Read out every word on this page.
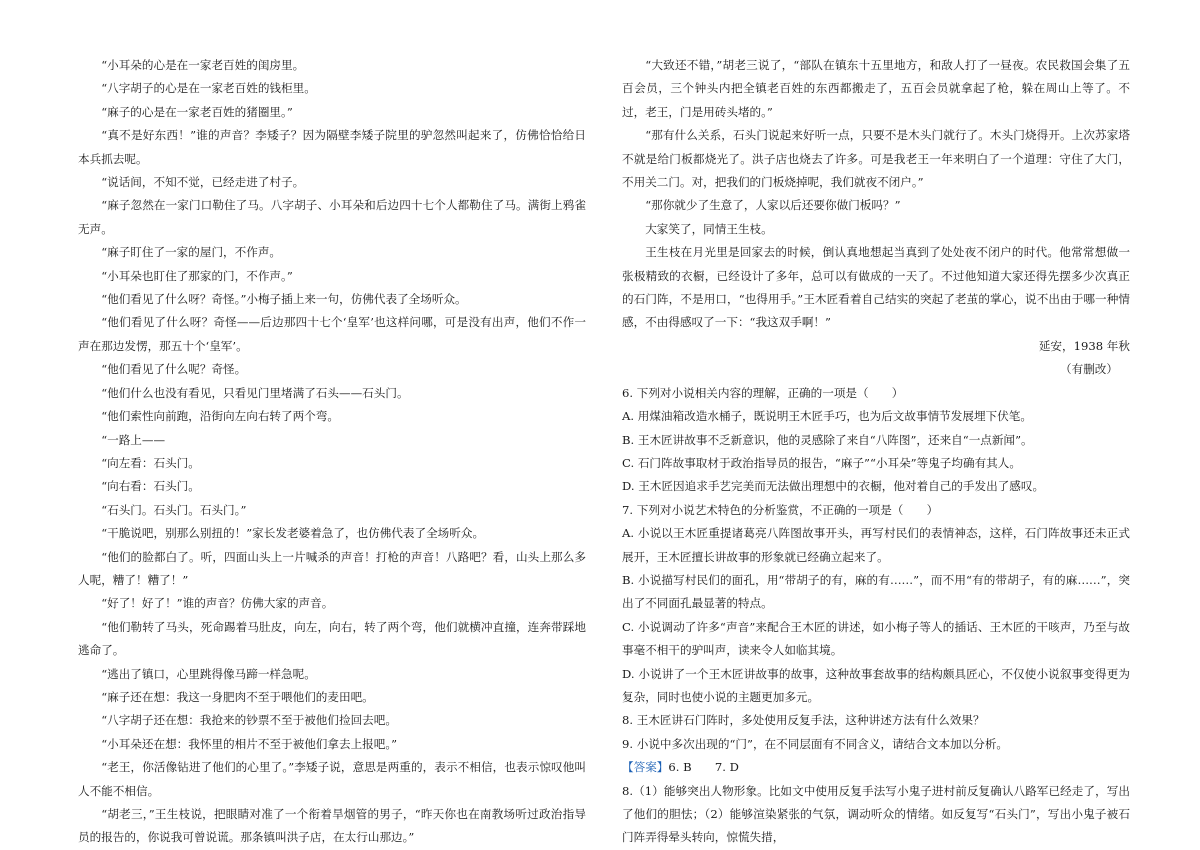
“小耳朵的心是在一家老百姓的闺房里。

“八字胡子的心是在一家老百姓的钱柜里。

“麻子的心是在一家老百姓的猪圈里。”

“真不是好东西！”谁的声音？李矮子？因为隔壁李矮子院里的驴忽然叫起来了，仿佛恰恰给日本兵抓去呢。

“说话间，不知不觉，已经走进了村子。

“麻子忽然在一家门口勒住了马。八字胡子、小耳朵和后边四十七个人都勒住了马。满街上鸦雀无声。

“麻子盯住了一家的屋门，不作声。

“小耳朵也盯住了那家的门，不作声。”

“他们看见了什么呀？奇怪。”小梅子插上来一句，仿佛代表了全场听众。

“他们看见了什么呀？奇怪——后边那四十七个‘皇军’也这样问哪，可是没有出声，他们不作一声在那边发愣，那五十个‘皇军’。

“他们看见了什么呢？奇怪。

“他们什么也没有看见，只看见门里堵满了石头——石头门。

“他们索性向前跑，沿街向左向右转了两个弯。

“一路上——

“向左看：石头门。

“向右看：石头门。

“石头门。石头门。石头门。”

“干脆说吧，别那么别扭的！”家长发老婆着急了，也仿佛代表了全场听众。

“他们的脸都白了。听，四面山头上一片喊杀的声音！打枪的声音！八路吧？看，山头上那么多人呢，糟了！糟了！”

“好了！好了！”谁的声音？仿佛大家的声音。

“他们勒转了马头，死命踢着马肚皮，向左，向右，转了两个弯，他们就横冲直撞，连奔带踩地逃命了。

“逃出了镇口，心里跳得像马蹄一样急呢。

“麻子还在想：我这一身肥肉不至于喂他们的麦田吧。

“八字胡子还在想：我抢来的钞票不至于被他们捡回去吧。

“小耳朵还在想：我怀里的相片不至于被他们拿去上报吧。”

“老王，你活像钻进了他们的心里了。”李矮子说，意思是两重的，表示不相信，也表示惊叹他叫人不能不相信。

“胡老三，”王生枝说，把眼睛对准了一个衔着旱烟管的男子，“昨天你也在南教场听过政治指导员的报告的，你说我可曾说谎。那条镇叫洪子店，在太行山那边。”

“大致还不错，”胡老三说了，“部队在镇东十五里地方，和敌人打了一昼夜。农民救国会集了五百会员，三个钟头内把全镇老百姓的东西都搬走了，五百会员就拿起了枪，躲在周山上等了。不过，老王，门是用砖头堵的。”

“那有什么关系，石头门说起来好听一点，只要不是木头门就行了。木头门烧得开。上次苏家塔不就是给门板都烧光了。洪子店也烧去了许多。可是我老王一年来明白了一个道理：守住了大门，不用关二门。对，把我们的门板烧掉呢，我们就夜不闭户。”

“那你就少了生意了，人家以后还要你做门板吗？”

大家笑了，同情王生枝。

王生枝在月光里是回家去的时候，倒认真地想起当真到了处处夜不闭户的时代。他常常想做一张极精致的衣橱，已经设计了多年，总可以有做成的一天了。不过他知道大家还得先摆多少次真正的石门阵，不是用口，“也得用手。”王木匠看着自己结实的突起了老茧的掌心，说不出由于哪一种情感，不由得感叹了一下：“我这双手啊！”

延安，1938 年秋

（有删改）

6. 下列对小说相关内容的理解，正确的一项是（　　）

A. 用煤油箱改造水桶子，既说明王木匠手巧，也为后文故事情节发展埋下伏笔。

B. 王木匠讲故事不乏新意识，他的灵感除了来自“八阵图”，还来自“一点新闻”。

C. 石门阵故事取材于政治指导员的报告，“麻子”“小耳朵”等鬼子均确有其人。

D. 王木匠因追求手艺完美而无法做出理想中的衣橱，他对着自己的手发出了感叹。

7. 下列对小说艺术特色的分析鉴赏，不正确的一项是（　　）

A. 小说以王木匠重提诸葛亮八阵图故事开头，再写村民们的表情神态，这样，石门阵故事还未正式展开，王木匠擅长讲故事的形象就已经确立起来了。

B. 小说描写村民们的面孔，用“带胡子的有，麻的有……”，而不用“有的带胡子，有的麻……”，突出了不同面孔最显著的特点。

C. 小说调动了许多“声音”来配合王木匠的讲述，如小梅子等人的插话、王木匠的干咳声，乃至与故事毫不相干的驴叫声，读来令人如临其境。

D. 小说讲了一个王木匠讲故事的故事，这种故事套故事的结构颇具匠心，不仅使小说叙事变得更为复杂，同时也使小说的主题更加多元。

8. 王木匠讲石门阵时，多处使用反复手法，这种讲述方法有什么效果？

9. 小说中多次出现的“门”，在不同层面有不同含义，请结合文本加以分析。

【答案】6. B　　7. D

8.（1）能够突出人物形象。比如文中使用反复手法写小鬼子进村前反复确认八路军已经走了，写出了他们的胆怯；（2）能够渲染紧张的气氛，调动听众的情绪。如反复写“石头门”，写出小鬼子被石门阵弄得晕头转向，惊慌失措，
